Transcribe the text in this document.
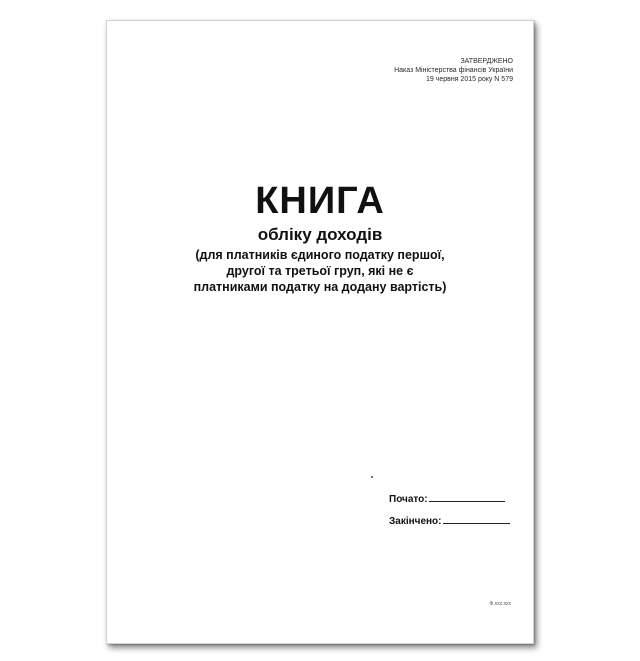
ЗАТВЕРДЖЕНО
Наказ Міністерства фінансів України
19 червня 2015 року N 579
КНИГА
обліку доходів
(для платників єдиного податку першої,
другої та третьої груп, які не є
платниками податку на додану вартість)
Почато:
Закінчено:
Ф.ххх.ххх
